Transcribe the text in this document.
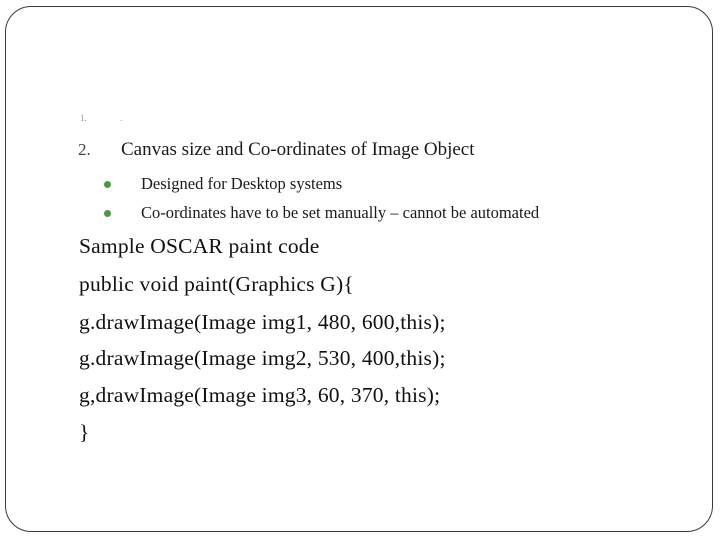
1.	.
2. Canvas size and Co-ordinates of Image Object
Designed for Desktop systems
Co-ordinates have to be set manually – cannot be automated
Sample OSCAR paint code
public void paint(Graphics G){
g.drawImage(Image img1, 480, 600,this);
g.drawImage(Image img2, 530, 400,this);
g,drawImage(Image img3, 60, 370, this);
}
